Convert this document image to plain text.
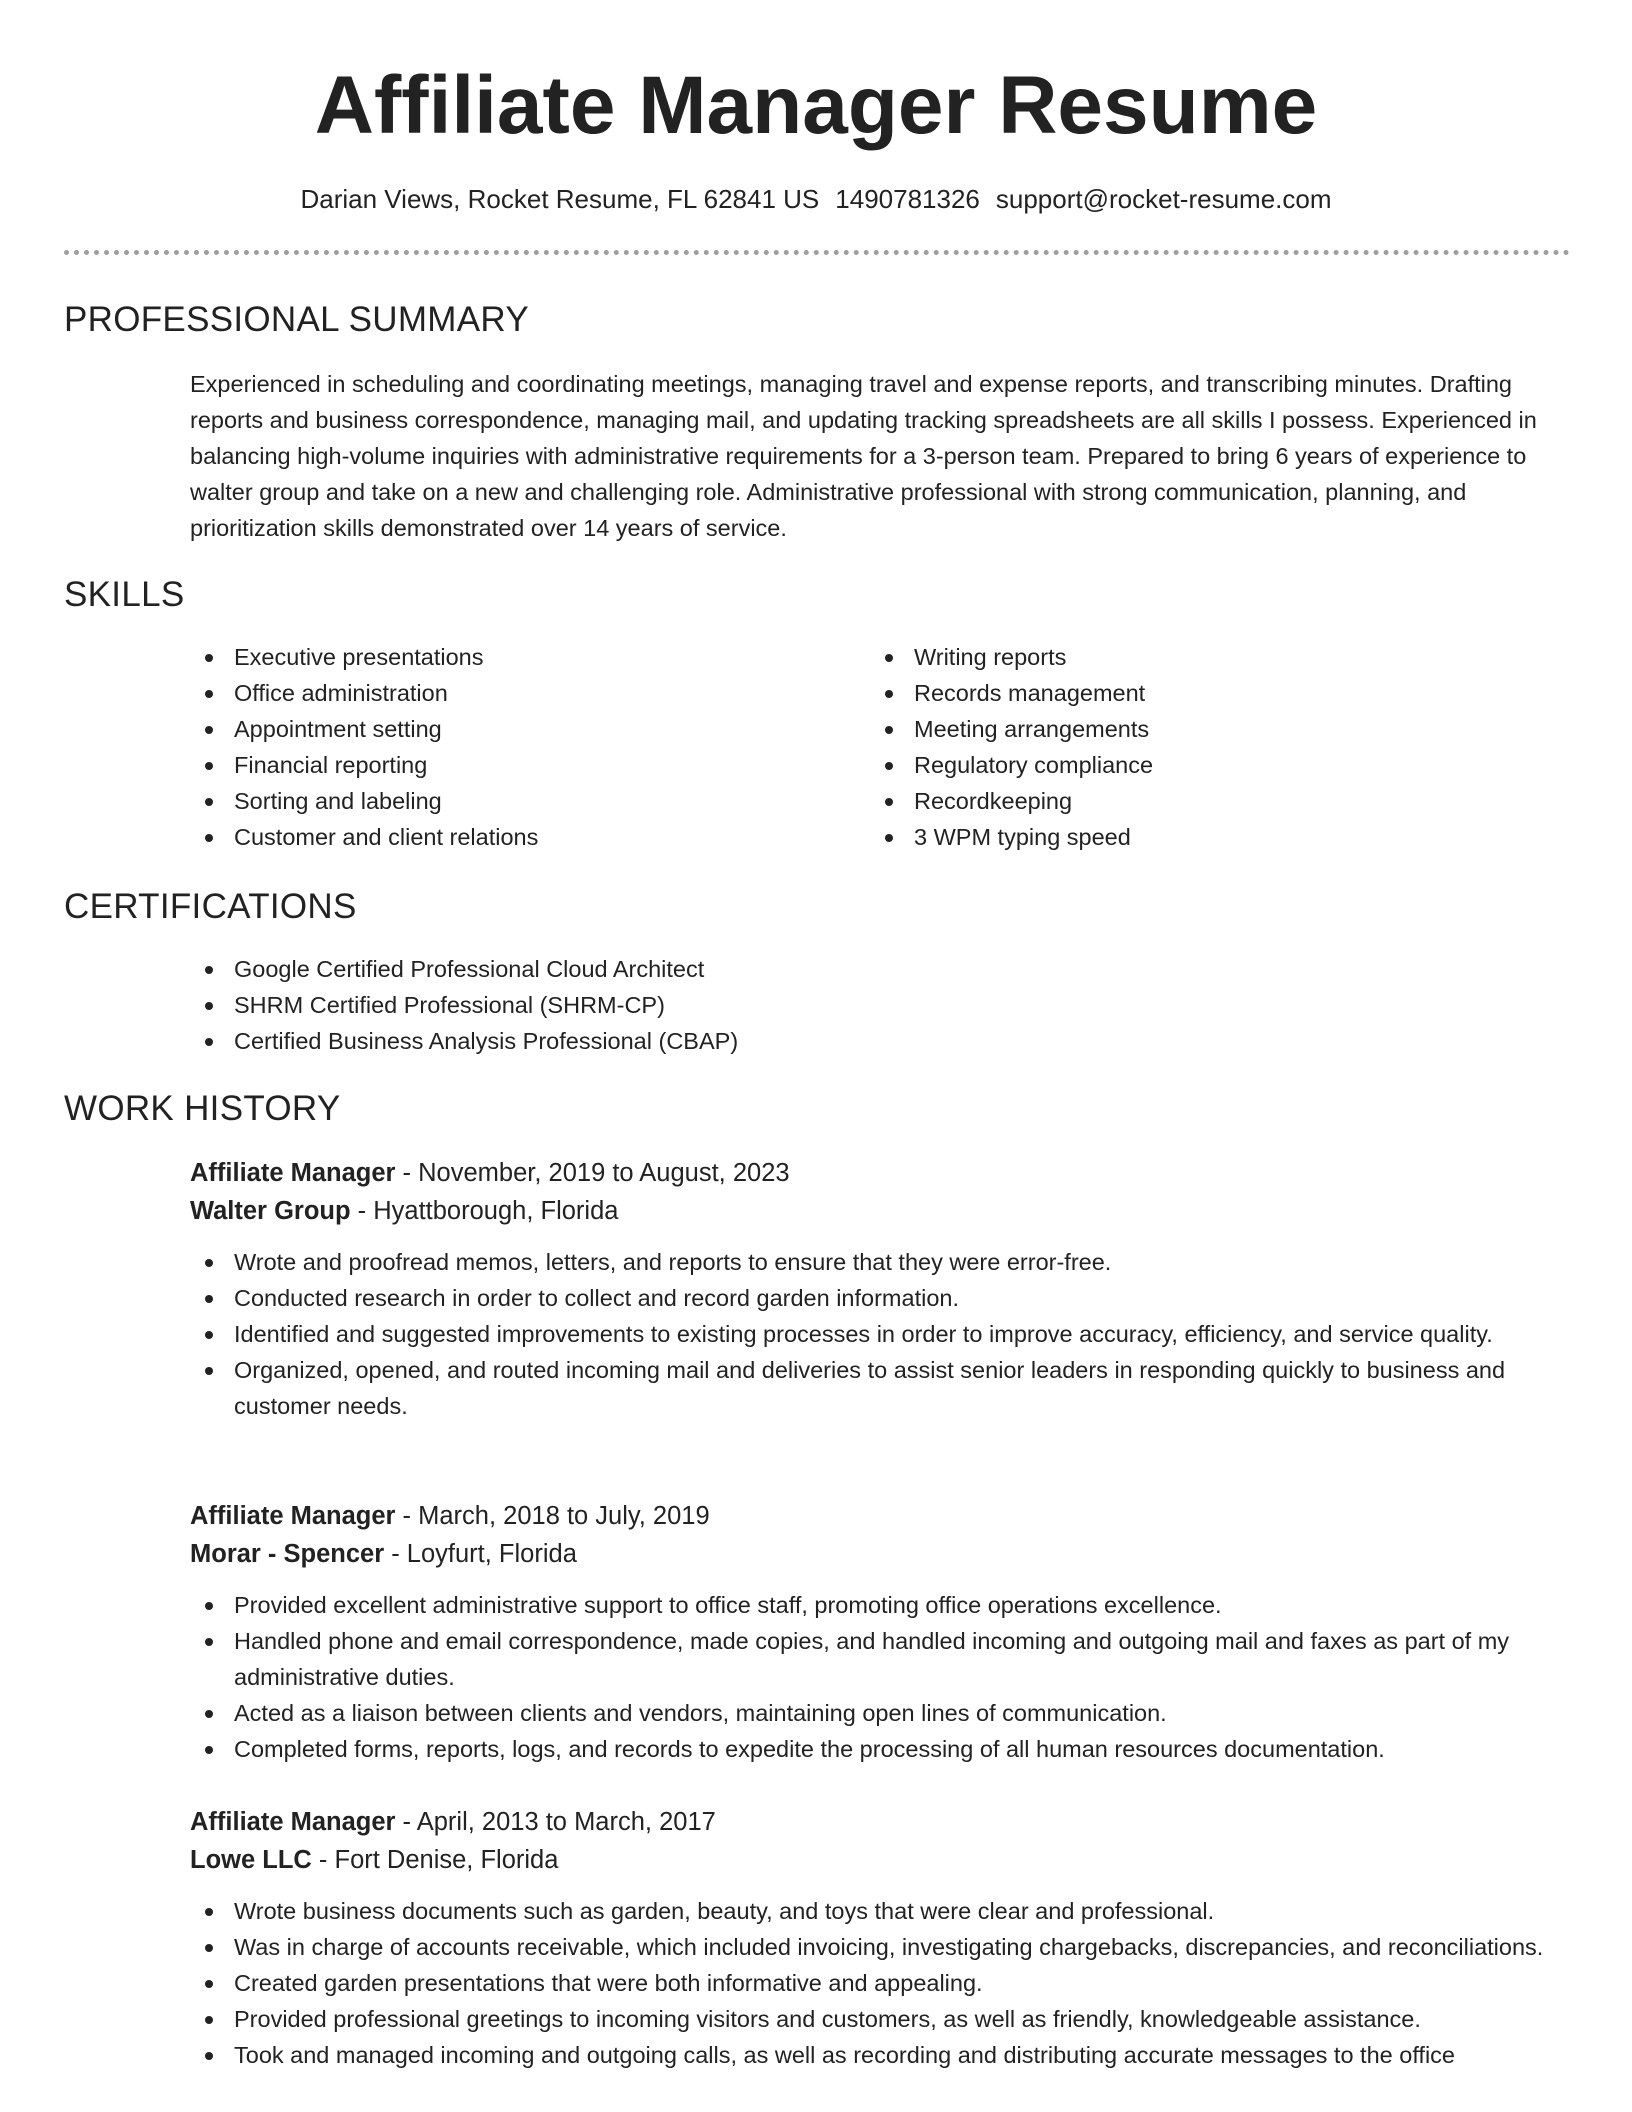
Affiliate Manager Resume
Darian Views, Rocket Resume, FL 62841 US 1490781326 support@rocket-resume.com
PROFESSIONAL SUMMARY
Experienced in scheduling and coordinating meetings, managing travel and expense reports, and transcribing minutes. Drafting reports and business correspondence, managing mail, and updating tracking spreadsheets are all skills I possess. Experienced in balancing high-volume inquiries with administrative requirements for a 3-person team. Prepared to bring 6 years of experience to walter group and take on a new and challenging role. Administrative professional with strong communication, planning, and prioritization skills demonstrated over 14 years of service.
SKILLS
Executive presentations
Office administration
Appointment setting
Financial reporting
Sorting and labeling
Customer and client relations
Writing reports
Records management
Meeting arrangements
Regulatory compliance
Recordkeeping
3 WPM typing speed
CERTIFICATIONS
Google Certified Professional Cloud Architect
SHRM Certified Professional (SHRM-CP)
Certified Business Analysis Professional (CBAP)
WORK HISTORY
Affiliate Manager - November, 2019 to August, 2023
Walter Group - Hyattborough, Florida
Wrote and proofread memos, letters, and reports to ensure that they were error-free.
Conducted research in order to collect and record garden information.
Identified and suggested improvements to existing processes in order to improve accuracy, efficiency, and service quality.
Organized, opened, and routed incoming mail and deliveries to assist senior leaders in responding quickly to business and customer needs.
Affiliate Manager - March, 2018 to July, 2019
Morar - Spencer - Loyfurt, Florida
Provided excellent administrative support to office staff, promoting office operations excellence.
Handled phone and email correspondence, made copies, and handled incoming and outgoing mail and faxes as part of my administrative duties.
Acted as a liaison between clients and vendors, maintaining open lines of communication.
Completed forms, reports, logs, and records to expedite the processing of all human resources documentation.
Affiliate Manager - April, 2013 to March, 2017
Lowe LLC - Fort Denise, Florida
Wrote business documents such as garden, beauty, and toys that were clear and professional.
Was in charge of accounts receivable, which included invoicing, investigating chargebacks, discrepancies, and reconciliations.
Created garden presentations that were both informative and appealing.
Provided professional greetings to incoming visitors and customers, as well as friendly, knowledgeable assistance.
Took and managed incoming and outgoing calls, as well as recording and distributing accurate messages to the office
